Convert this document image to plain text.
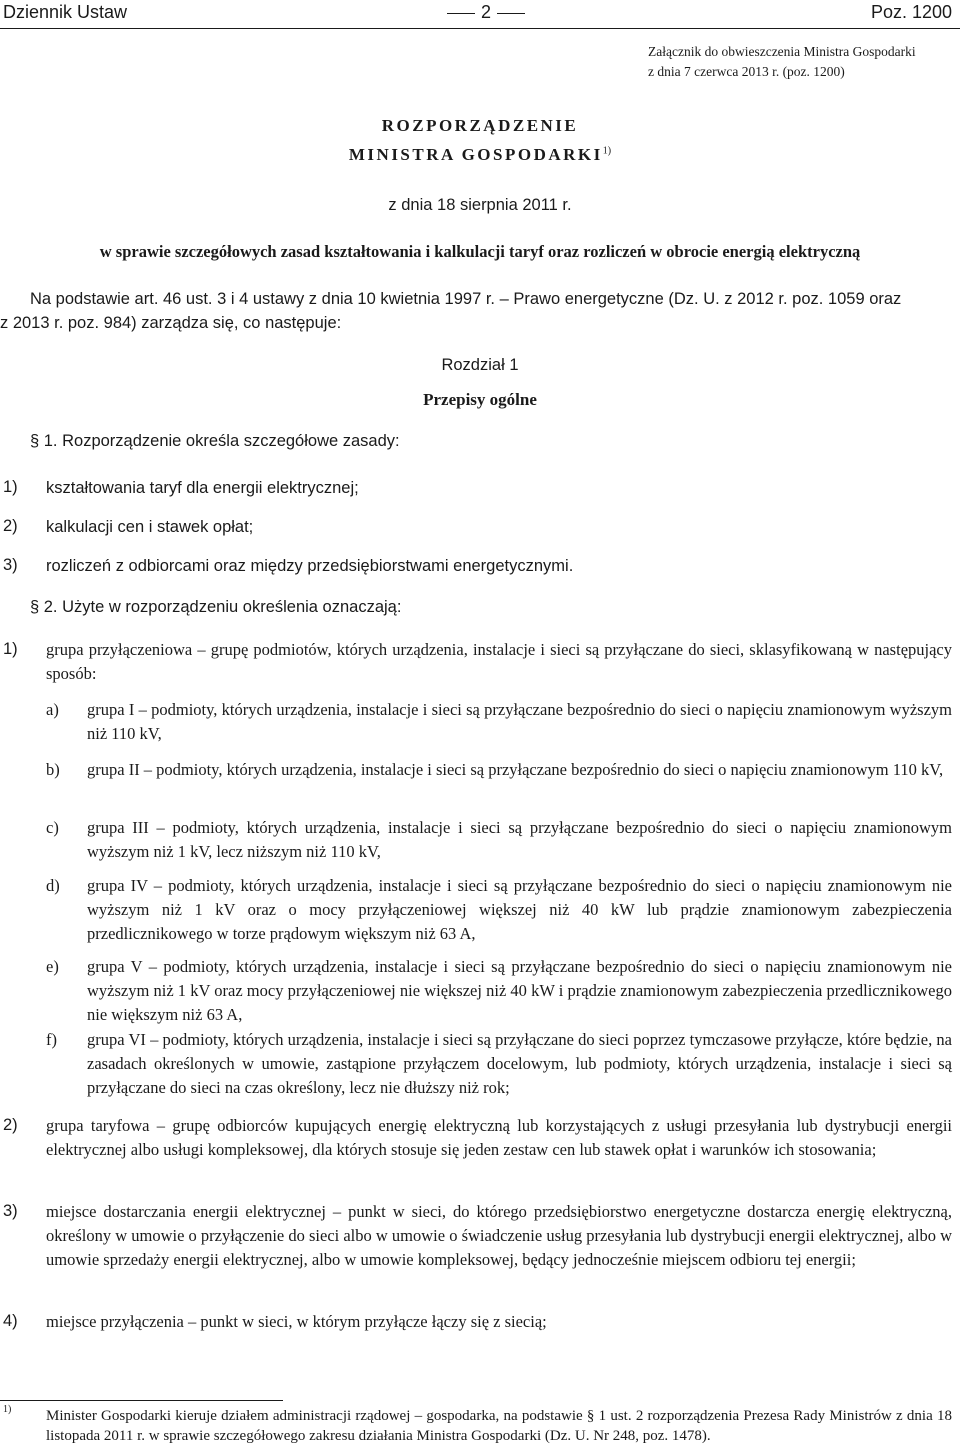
Dziennik Ustaw	2	Poz. 1200
Załącznik do obwieszczenia Ministra Gospodarki
z dnia 7 czerwca 2013 r. (poz. 1200)
ROZPORZĄDZENIE
MINISTRA GOSPODARKI$^{1)}$
z dnia 18 sierpnia 2011 r.
w sprawie szczegółowych zasad kształtowania i kalkulacji taryf oraz rozliczeń w obrocie energią elektryczną
Na podstawie art. 46 ust. 3 i 4 ustawy z dnia 10 kwietnia 1997 r. – Prawo energetyczne (Dz. U. z 2012 r. poz. 1059 oraz
z 2013 r. poz. 984) zarządza się, co następuje:
Rozdział 1
Przepisy ogólne
§ 1. Rozporządzenie określa szczegółowe zasady:
1) kształtowania taryf dla energii elektrycznej;
2) kalkulacji cen i stawek opłat;
3) rozliczeń z odbiorcami oraz między przedsiębiorstwami energetycznymi.
§ 2. Użyte w rozporządzeniu określenia oznaczają:
1) grupa przyłączeniowa – grupę podmiotów, których urządzenia, instalacje i sieci są przyłączane do sieci, sklasyfikowaną w następujący sposób:
a) grupa I – podmioty, których urządzenia, instalacje i sieci są przyłączane bezpośrednio do sieci o napięciu znamionowym wyższym niż 110 kV,
b) grupa II – podmioty, których urządzenia, instalacje i sieci są przyłączane bezpośrednio do sieci o napięciu znamionowym 110 kV,
c) grupa III – podmioty, których urządzenia, instalacje i sieci są przyłączane bezpośrednio do sieci o napięciu znamionowym wyższym niż 1 kV, lecz niższym niż 110 kV,
d) grupa IV – podmioty, których urządzenia, instalacje i sieci są przyłączane bezpośrednio do sieci o napięciu znamionowym nie wyższym niż 1 kV oraz o mocy przyłączeniowej większej niż 40 kW lub prądzie znamionowym zabezpieczenia przedlicznikowego w torze prądowym większym niż 63 A,
e) grupa V – podmioty, których urządzenia, instalacje i sieci są przyłączane bezpośrednio do sieci o napięciu znamionowym nie wyższym niż 1 kV oraz mocy przyłączeniowej nie większej niż 40 kW i prądzie znamionowym zabezpieczenia przedlicznikowego nie większym niż 63 A,
f) grupa VI – podmioty, których urządzenia, instalacje i sieci są przyłączane do sieci poprzez tymczasowe przyłącze, które będzie, na zasadach określonych w umowie, zastąpione przyłączem docelowym, lub podmioty, których urządzenia, instalacje i sieci są przyłączane do sieci na czas określony, lecz nie dłuższy niż rok;
2) grupa taryfowa – grupę odbiorców kupujących energię elektryczną lub korzystających z usługi przesyłania lub dystrybucji energii elektrycznej albo usługi kompleksowej, dla których stosuje się jeden zestaw cen lub stawek opłat i warunków ich stosowania;
3) miejsce dostarczania energii elektrycznej – punkt w sieci, do którego przedsiębiorstwo energetyczne dostarcza energię elektryczną, określony w umowie o przyłączenie do sieci albo w umowie o świadczenie usług przesyłania lub dystrybucji energii elektrycznej, albo w umowie sprzedaży energii elektrycznej, albo w umowie kompleksowej, będący jednocześnie miejscem odbioru tej energii;
4) miejsce przyłączenia – punkt w sieci, w którym przyłącze łączy się z siecią;
1) Minister Gospodarki kieruje działem administracji rządowej – gospodarka, na podstawie § 1 ust. 2 rozporządzenia Prezesa Rady Ministrów z dnia 18 listopada 2011 r. w sprawie szczegółowego zakresu działania Ministra Gospodarki (Dz. U. Nr 248, poz. 1478).
